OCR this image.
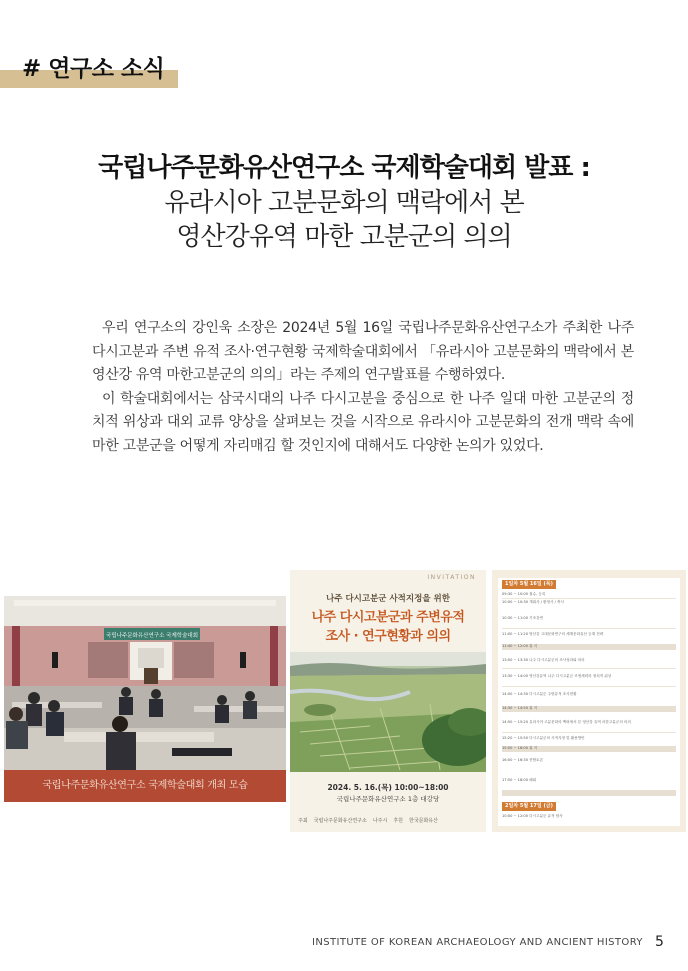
# 연구소 소식
국립나주문화유산연구소 국제학술대회 발표 :
유라시아 고분문화의 맥락에서 본
영산강유역 마한 고분군의 의의

우리 연구소의 강인욱 소장은 2024년 5월 16일 국립나주문화유산연구소가 주최한 나주 다시고분과 주변 유적 조사·연구현황 국제학술대회에서 「유라시아 고분문화의 맥락에서 본 영산강 유역 마한고분군의 의의」라는 주제의 연구발표를 수행하였다.

이 학술대회에서는 삼국시대의 나주 다시고분을 중심으로 한 나주 일대 마한 고분군의 정치적 위상과 대외 교류 양상을 살펴보는 것을 시작으로 유라시아 고분문화의 전개 맥락 속에 마한 고분군을 어떻게 자리매김 할 것인지에 대해서도 다양한 논의가 있었다.

국립나주문화유산연구소 국제학술대회
국립나주문화유산연구소 국제학술대회 개최 모습
INVITATION
나주 다시고분군 사적지정을 위한
나주 다시고분군과 주변유적
조사 · 연구현황과 의의
2024. 5. 16.(목) 10:00~18:00
국립나주문화유산연구소 1층 대강당
주최 국립나주문화유산연구소 나주시 후원 한국문화유산
1일차 5월 16일 (목)
09:30 ~ 10:00 접수, 등록
10:00 ~ 10:30 개회사 / 환영사 / 축사
10:30 ~ 11:00 기조강연
11:00 ~ 11:20 영산강 고대문화연구의 세계문화유산 등재 전략
11:40 ~ 12:00 휴 식
13:00 ~ 13:30 나주 다시고분군의 조사성과와 의의
13:30 ~ 14:00 영산강유역 나주 다시고분군 조영세력의 정치적 위상
14:00 ~ 14:30 다시고분군 주변유적 조사현황
14:30 ~ 14:50 휴 식
14:50 ~ 15:20 유라시아 고분문화의 맥락에서 본 영산강 유역 마한고분군의 의의
15:20 ~ 15:50 다시고분군의 사적지정 및 활용방안
15:50 ~ 16:00 휴 식
16:00 ~ 16:30 종합토론
17:50 ~ 18:00 폐회
2일차 5월 17일 (금)
10:00 ~ 12:00 다시고분군 유적 답사
INSTITUTE OF KOREAN ARCHAEOLOGY AND ANCIENT HISTORY 5
